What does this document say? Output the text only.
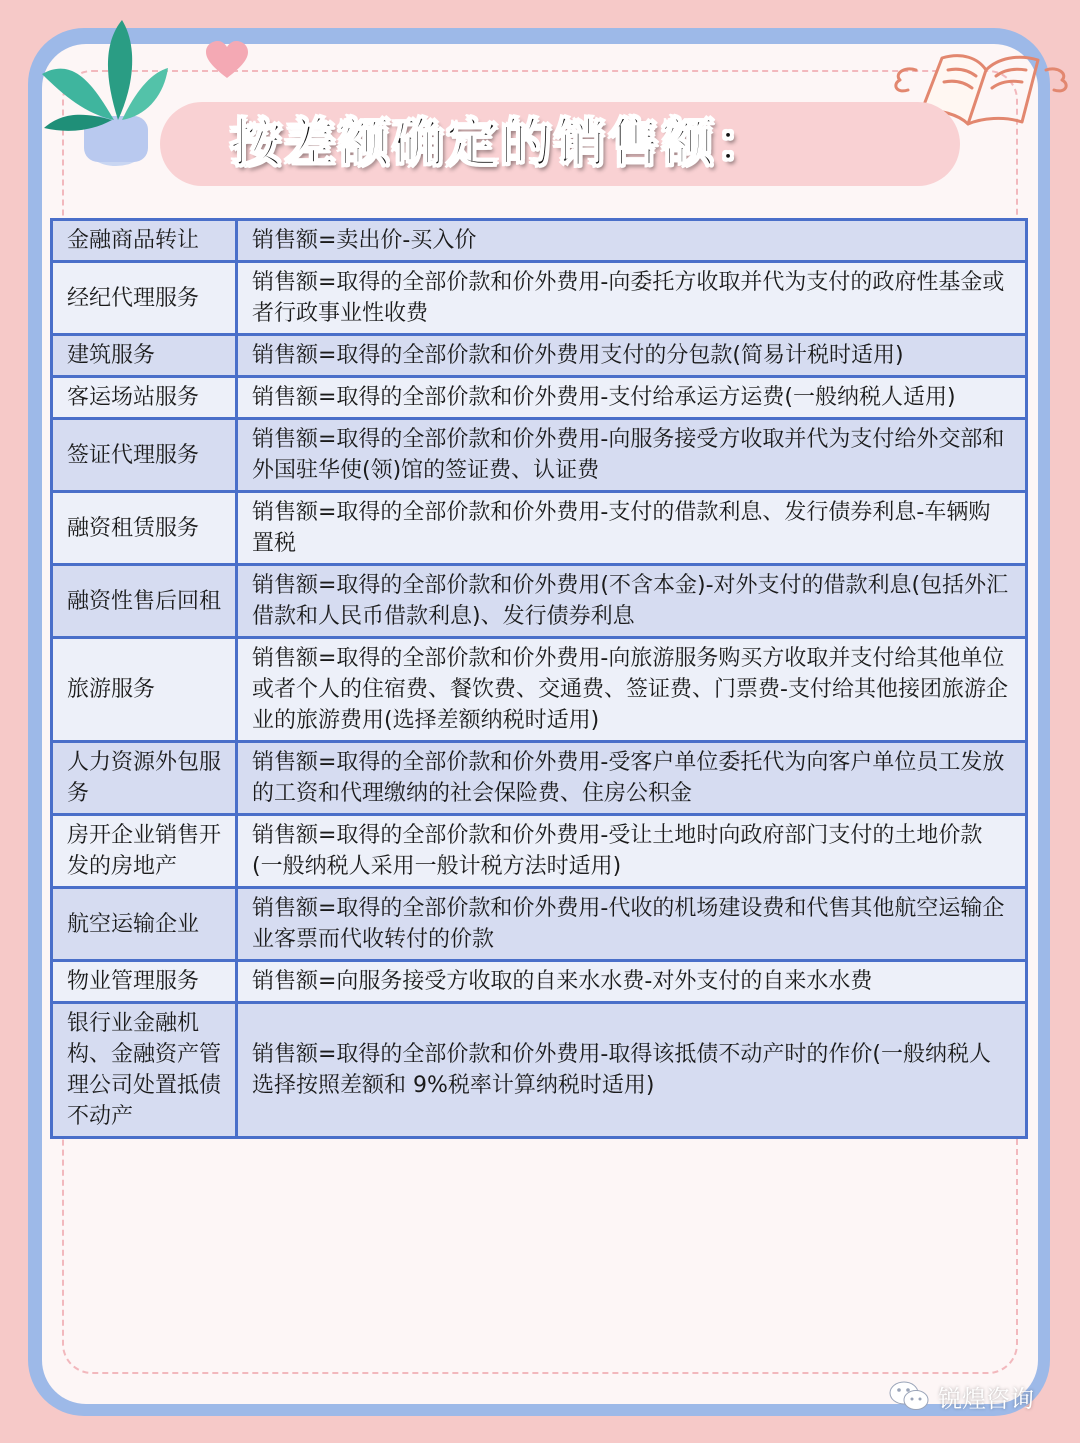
按差额确定的销售额：
金融商品转让	销售额=卖出价-买入价
经纪代理服务	销售额=取得的全部价款和价外费用-向委托方收取并代为支付的政府性基金或者行政事业性收费
建筑服务	销售额=取得的全部价款和价外费用支付的分包款(简易计税时适用)
客运场站服务	销售额=取得的全部价款和价外费用-支付给承运方运费(一般纳税人适用)
签证代理服务	销售额=取得的全部价款和价外费用-向服务接受方收取并代为支付给外交部和外国驻华使(领)馆的签证费、认证费
融资租赁服务	销售额=取得的全部价款和价外费用-支付的借款利息、发行债券利息-车辆购置税
融资性售后回租	销售额=取得的全部价款和价外费用(不含本金)-对外支付的借款利息(包括外汇借款和人民币借款利息)、发行债券利息
旅游服务	销售额=取得的全部价款和价外费用-向旅游服务购买方收取并支付给其他单位或者个人的住宿费、餐饮费、交通费、签证费、门票费-支付给其他接团旅游企业的旅游费用(选择差额纳税时适用)
人力资源外包服务	销售额=取得的全部价款和价外费用-受客户单位委托代为向客户单位员工发放的工资和代理缴纳的社会保险费、住房公积金
房开企业销售开发的房地产	销售额=取得的全部价款和价外费用-受让土地时向政府部门支付的土地价款(一般纳税人采用一般计税方法时适用)
航空运输企业	销售额=取得的全部价款和价外费用-代收的机场建设费和代售其他航空运输企业客票而代收转付的价款
物业管理服务	销售额=向服务接受方收取的自来水水费-对外支付的自来水水费
银行业金融机构、金融资产管理公司处置抵债不动产	销售额=取得的全部价款和价外费用-取得该抵债不动产时的作价(一般纳税人选择按照差额和 9%税率计算纳税时适用)
锐煌咨询
